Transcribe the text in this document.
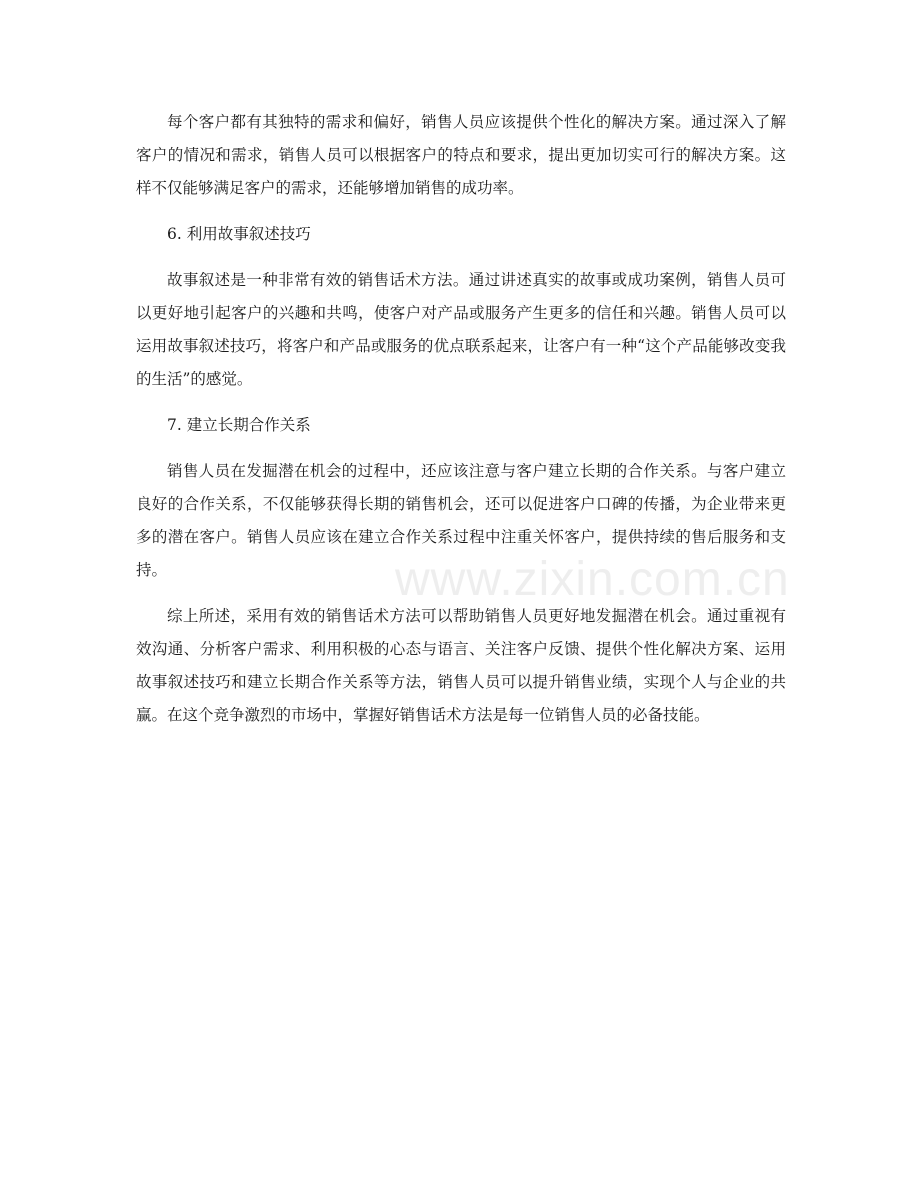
每个客户都有其独特的需求和偏好，销售人员应该提供个性化的解决方案。通过深入了解客户的情况和需求，销售人员可以根据客户的特点和要求，提出更加切实可行的解决方案。这样不仅能够满足客户的需求，还能够增加销售的成功率。

6. 利用故事叙述技巧

故事叙述是一种非常有效的销售话术方法。通过讲述真实的故事或成功案例，销售人员可以更好地引起客户的兴趣和共鸣，使客户对产品或服务产生更多的信任和兴趣。销售人员可以运用故事叙述技巧，将客户和产品或服务的优点联系起来，让客户有一种“这个产品能够改变我的生活”的感觉。

7. 建立长期合作关系

销售人员在发掘潜在机会的过程中，还应该注意与客户建立长期的合作关系。与客户建立良好的合作关系，不仅能够获得长期的销售机会，还可以促进客户口碑的传播，为企业带来更多的潜在客户。销售人员应该在建立合作关系过程中注重关怀客户，提供持续的售后服务和支持。

综上所述，采用有效的销售话术方法可以帮助销售人员更好地发掘潜在机会。通过重视有效沟通、分析客户需求、利用积极的心态与语言、关注客户反馈、提供个性化解决方案、运用故事叙述技巧和建立长期合作关系等方法，销售人员可以提升销售业绩，实现个人与企业的共赢。在这个竞争激烈的市场中，掌握好销售话术方法是每一位销售人员的必备技能。

www.zixin.com.cn
